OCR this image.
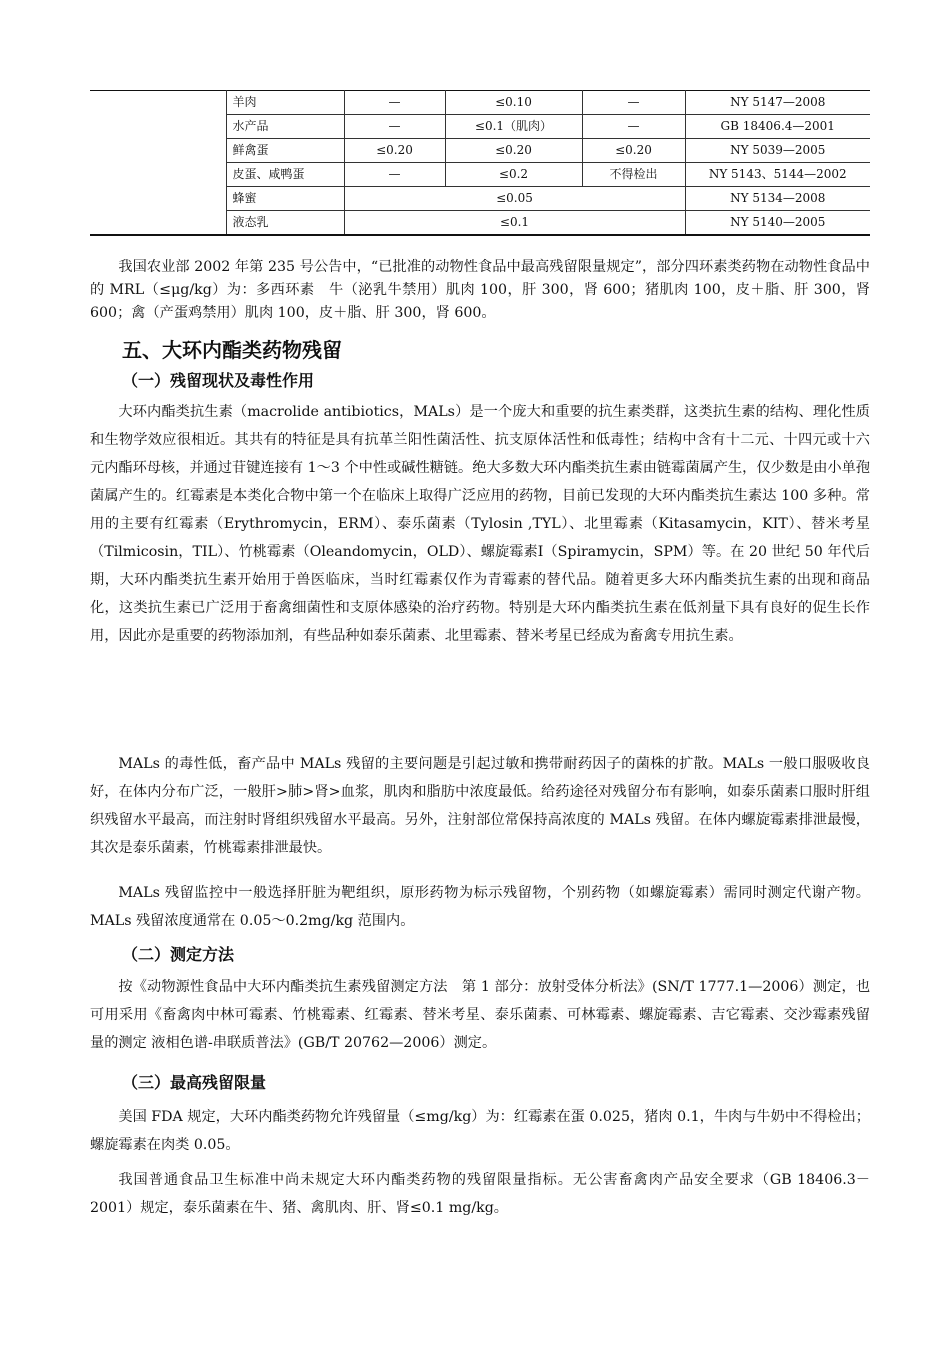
	羊肉	—	≤0.10	—	NY 5147—2008
	水产品	—	≤0.1（肌肉）	—	GB 18406.4—2001
	鲜禽蛋	≤0.20	≤0.20	≤0.20	NY 5039—2005
	皮蛋、咸鸭蛋	—	≤0.2	不得检出	NY 5143、5144—2002
	蜂蜜	≤0.05			NY 5134—2008
	液态乳	≤0.1			NY 5140—2005

我国农业部 2002 年第 235 号公告中，“已批准的动物性食品中最高残留限量规定”，部分四环素类药物在动物性食品中的 MRL（≤μg/kg）为：多西环素　牛（泌乳牛禁用）肌肉 100，肝 300，肾 600；猪肌肉 100，皮＋脂、肝 300，肾 600；禽（产蛋鸡禁用）肌肉 100，皮＋脂、肝 300，肾 600。

五、大环内酯类药物残留
（一）残留现状及毒性作用

大环内酯类抗生素（macrolide antibiotics，MALs）是一个庞大和重要的抗生素类群，这类抗生素的结构、理化性质和生物学效应很相近。其共有的特征是具有抗革兰阳性菌活性、抗支原体活性和低毒性；结构中含有十二元、十四元或十六元内酯环母核，并通过苷键连接有 1～3 个中性或碱性糖链。绝大多数大环内酯类抗生素由链霉菌属产生，仅少数是由小单孢菌属产生的。红霉素是本类化合物中第一个在临床上取得广泛应用的药物，目前已发现的大环内酯类抗生素达 100 多种。常用的主要有红霉素（Erythromycin，ERM）、泰乐菌素（Tylosin ,TYL）、北里霉素（Kitasamycin，KIT）、替米考星（Tilmicosin，TIL）、竹桃霉素（Oleandomycin，OLD）、螺旋霉素Ⅰ（Spiramycin，SPM）等。在 20 世纪 50 年代后期，大环内酯类抗生素开始用于兽医临床，当时红霉素仅作为青霉素的替代品。随着更多大环内酯类抗生素的出现和商品化，这类抗生素已广泛用于畜禽细菌性和支原体感染的治疗药物。特别是大环内酯类抗生素在低剂量下具有良好的促生长作用，因此亦是重要的药物添加剂，有些品种如泰乐菌素、北里霉素、替米考星已经成为畜禽专用抗生素。

MALs 的毒性低，畜产品中 MALs 残留的主要问题是引起过敏和携带耐药因子的菌株的扩散。MALs 一般口服吸收良好，在体内分布广泛，一般肝>肺>肾>血浆，肌肉和脂肪中浓度最低。给药途径对残留分布有影响，如泰乐菌素口服时肝组织残留水平最高，而注射时肾组织残留水平最高。另外，注射部位常保持高浓度的 MALs 残留。在体内螺旋霉素排泄最慢，其次是泰乐菌素，竹桃霉素排泄最快。

MALs 残留监控中一般选择肝脏为靶组织，原形药物为标示残留物，个别药物（如螺旋霉素）需同时测定代谢产物。MALs 残留浓度通常在 0.05～0.2mg/kg 范围内。

（二）测定方法

按《动物源性食品中大环内酯类抗生素残留测定方法　第 1 部分：放射受体分析法》(SN/T 1777.1—2006）测定，也可用采用《畜禽肉中林可霉素、竹桃霉素、红霉素、替米考星、泰乐菌素、可林霉素、螺旋霉素、吉它霉素、交沙霉素残留量的测定 液相色谱-串联质普法》(GB/T 20762—2006）测定。

（三）最高残留限量

美国 FDA 规定，大环内酯类药物允许残留量（≤mg/kg）为：红霉素在蛋 0.025，猪肉 0.1，牛肉与牛奶中不得检出；螺旋霉素在肉类 0.05。

我国普通食品卫生标准中尚未规定大环内酯类药物的残留限量指标。无公害畜禽肉产品安全要求（GB 18406.3－2001）规定，泰乐菌素在牛、猪、禽肌肉、肝、肾≤0.1 mg/kg。
